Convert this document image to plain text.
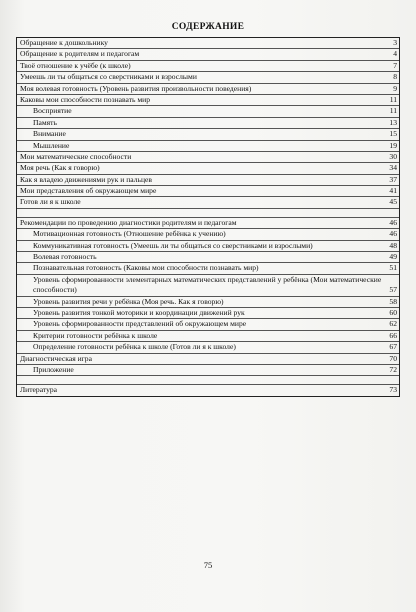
СОДЕРЖАНИЕ
Обращение к дошкольнику	3
Обращение к родителям и педагогам	4
Твоё отношение к учёбе (к школе)	7
Умеешь ли ты общаться со сверстниками и взрослыми	8
Моя волевая готовность (Уровень развития произвольности поведения)	9
Каковы мои способности познавать мир	11
Восприятие	11
Память	13
Внимание	15
Мышление	19
Мои математические способности	30
Моя речь (Как я говорю)	34
Как я владею движениями рук и пальцев	37
Мои представления об окружающем мире	41
Готов ли я к школе	45
Рекомендации по проведению диагностики родителям и педагогам	46
Мотивационная готовность (Отношение ребёнка к учению)	46
Коммуникативная готовность (Умеешь ли ты общаться со сверстниками и взрослыми)	48
Волевая готовность	49
Познавательная готовность (Каковы мои способности познавать мир)	51
Уровень сформированности элементарных математических представлений у ребёнка (Мои математические способности)	57
Уровень развития речи у ребёнка (Моя речь. Как я говорю)	58
Уровень развития тонкой моторики и координации движений рук	60
Уровень сформированности представлений об окружающем мире	62
Критерии готовности ребёнка к школе	66
Определение готовности ребёнка к школе (Готов ли я к школе)	67
Диагностическая игра	70
Приложение	72
Литература	73
75
